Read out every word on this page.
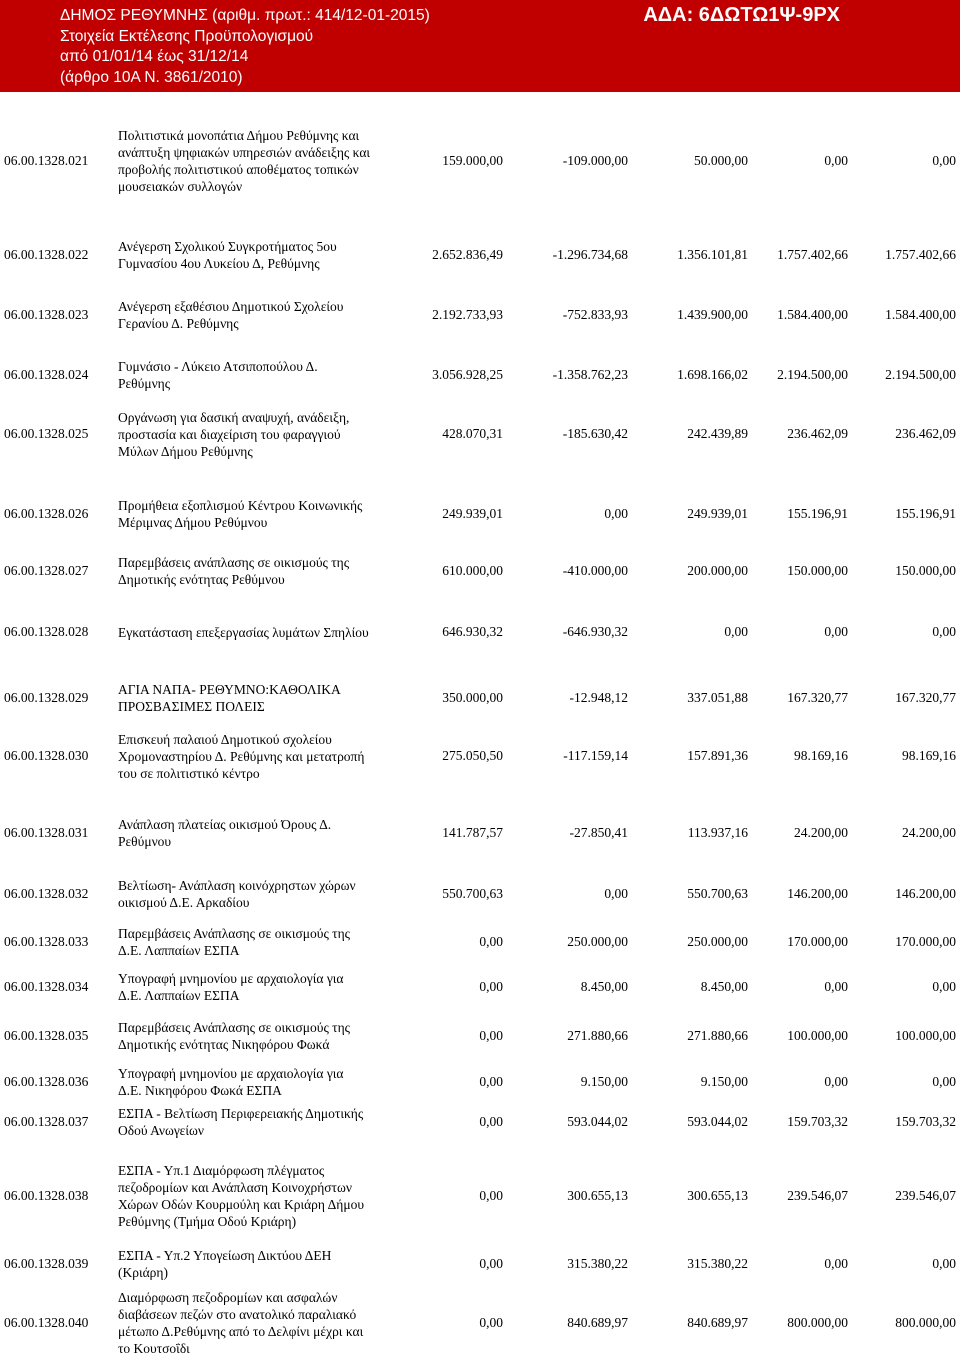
ΔΗΜΟΣ ΡΕΘΥΜΝΗΣ (αριθμ. πρωτ.: 414/12-01-2015)
Στοιχεία Εκτέλεσης Προϋπολογισμού
από 01/01/14 έως 31/12/14
(άρθρο 10Α Ν. 3861/2010)
ΑΔΑ: 6ΔΩΤΩ1Ψ-9ΡΧ
06.00.1328.021
Πολιτιστικά μονοπάτια Δήμου Ρεθύμνης και
ανάπτυξη ψηφιακών υπηρεσιών ανάδειξης και
προβολής πολιτιστικού αποθέματος τοπικών
μουσειακών συλλογών
159.000,00	-109.000,00	50.000,00	0,00	0,00
06.00.1328.022
Ανέγερση Σχολικού Συγκροτήματος 5ου
Γυμνασίου 4ου Λυκείου Δ, Ρεθύμνης
2.652.836,49	-1.296.734,68	1.356.101,81 1.757.402,66	1.757.402,66
06.00.1328.023
Ανέγερση εξαθέσιου Δημοτικού Σχολείου
Γερανίου Δ. Ρεθύμνης
2.192.733,93	-752.833,93	1.439.900,00 1.584.400,00	1.584.400,00
06.00.1328.024
Γυμνάσιο - Λύκειο Ατσιποπούλου Δ.
Ρεθύμνης
3.056.928,25	-1.358.762,23	1.698.166,02 2.194.500,00	2.194.500,00
06.00.1328.025
Οργάνωση για δασική αναψυχή, ανάδειξη,
προστασία και διαχείριση του φαραγγιού
Μύλων Δήμου Ρεθύμνης
428.070,31	-185.630,42	242.439,89	236.462,09	236.462,09
06.00.1328.026
Προμήθεια εξοπλισμού Κέντρου Κοινωνικής
Μέριμνας Δήμου Ρεθύμνου
249.939,01	0,00	249.939,01	155.196,91	155.196,91
06.00.1328.027
Παρεμβάσεις ανάπλασης σε οικισμούς της
Δημοτικής ενότητας Ρεθύμνου
610.000,00	-410.000,00	200.000,00	150.000,00	150.000,00
06.00.1328.028 Εγκατάσταση επεξεργασίας λυμάτων Σπηλίου	646.930,32	-646.930,32	0,00	0,00	0,00
06.00.1328.029
ΑΓΙΑ ΝΑΠΑ- ΡΕΘΥΜΝΟ:ΚΑΘΟΛΙΚΑ
ΠΡΟΣΒΑΣΙΜΕΣ ΠΟΛΕΙΣ
350.000,00	-12.948,12	337.051,88	167.320,77	167.320,77
06.00.1328.030
Επισκευή παλαιού Δημοτικού σχολείου
Χρομοναστηρίου Δ. Ρεθύμνης και μετατροπή
του σε πολιτιστικό κέντρο
275.050,50	-117.159,14	157.891,36	98.169,16	98.169,16
06.00.1328.031
Ανάπλαση πλατείας οικισμού Όρους Δ.
Ρεθύμνου
141.787,57	-27.850,41	113.937,16	24.200,00	24.200,00
06.00.1328.032
Βελτίωση- Ανάπλαση κοινόχρηστων χώρων
οικισμού Δ.Ε. Αρκαδίου
550.700,63	0,00	550.700,63	146.200,00	146.200,00
06.00.1328.033
Παρεμβάσεις Ανάπλασης σε οικισμούς της
Δ.Ε. Λαππαίων ΕΣΠΑ
0,00	250.000,00	250.000,00	170.000,00	170.000,00
06.00.1328.034
Υπογραφή μνημονίου με αρχαιολογία για
Δ.Ε. Λαππαίων ΕΣΠΑ
0,00	8.450,00	8.450,00	0,00	0,00
06.00.1328.035
Παρεμβάσεις Ανάπλασης σε οικισμούς της
Δημοτικής ενότητας Νικηφόρου Φωκά
0,00	271.880,66	271.880,66	100.000,00	100.000,00
06.00.1328.036
Υπογραφή μνημονίου με αρχαιολογία για
Δ.Ε. Νικηφόρου Φωκά ΕΣΠΑ
0,00	9.150,00	9.150,00	0,00	0,00
06.00.1328.037
ΕΣΠΑ - Βελτίωση Περιφερειακής Δημοτικής
Οδού Ανωγείων
0,00	593.044,02	593.044,02	159.703,32	159.703,32
06.00.1328.038
ΕΣΠΑ - Υπ.1 Διαμόρφωση πλέγματος
πεζοδρομίων και Ανάπλαση Κοινοχρήστων
Χώρων Οδών Κουρμούλη και Κριάρη Δήμου
Ρεθύμνης (Τμήμα Οδού Κριάρη)
0,00	300.655,13	300.655,13	239.546,07	239.546,07
06.00.1328.039
ΕΣΠΑ - Υπ.2 Υπογείωση Δικτύου ΔΕΗ
(Κριάρη)
0,00	315.380,22	315.380,22	0,00	0,00
06.00.1328.040
Διαμόρφωση πεζοδρομίων και ασφαλών
διαβάσεων πεζών στο ανατολικό παραλιακό
μέτωπο Δ.Ρεθύμνης από το Δελφίνι μέχρι και
το Κουτσοΐδι
0,00	840.689,97	840.689,97	800.000,00	800.000,00
